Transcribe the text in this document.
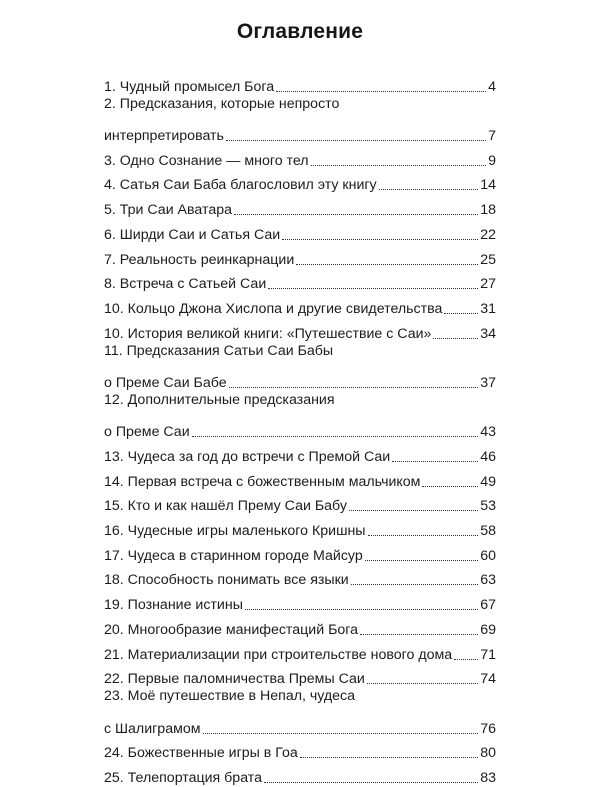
Оглавление
1. Чудный промысел Бога	4
2. Предсказания, которые непросто
интерпретировать	7
3. Одно Сознание — много тел	9
4. Сатья Саи Баба благословил эту книгу	14
5. Три Саи Аватара	18
6. Ширди Саи и Сатья Саи	22
7. Реальность реинкарнации	25
8. Встреча с Сатьей Саи	27
10. Кольцо Джона Хислопа и другие свидетельства	31
10. История великой книги: «Путешествие с Саи»	34
11. Предсказания Сатьи Саи Бабы
о Преме Саи Бабе	37
12. Дополнительные предсказания
о Преме Саи	43
13. Чудеса за год до встречи с Премой Саи	46
14. Первая встреча с божественным мальчиком	49
15. Кто и как нашёл Прему Саи Бабу	53
16. Чудесные игры маленького Кришны	58
17. Чудеса в старинном городе Майсур	60
18. Способность понимать все языки	63
19. Познание истины	67
20. Многообразие манифестаций Бога	69
21. Материализации при строительстве нового дома 71
22. Первые паломничества Премы Саи	74
23. Моё путешествие в Непал, чудеса
с Шалиграмом	76
24. Божественные игры в Гоа	80
25. Телепортация брата	83
